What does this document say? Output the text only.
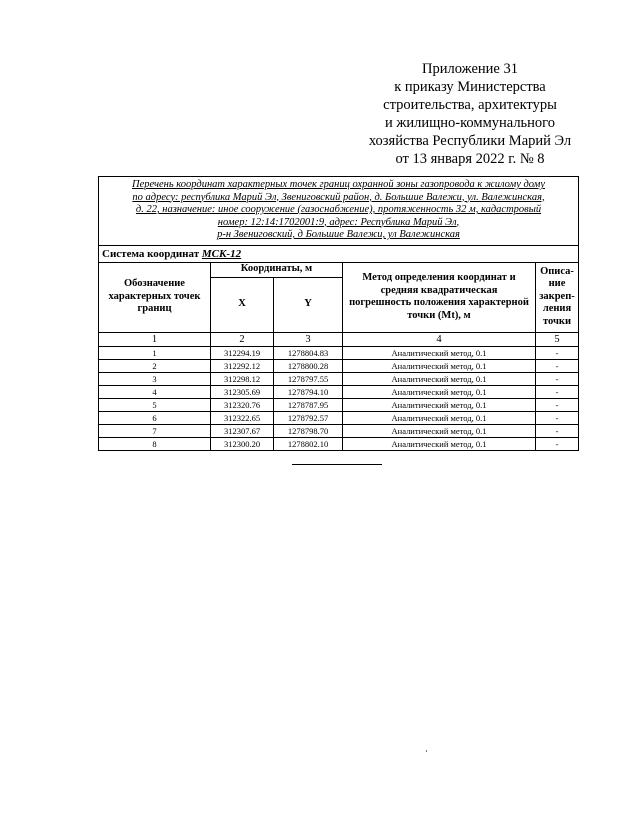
Приложение 31
к приказу Министерства
строительства, архитектуры
и жилищно-коммунального
хозяйства Республики Марий Эл
от 13 января 2022 г. № 8
Перечень координат характерных точек границ охранной зоны газопровода к жилому дому
по адресу: республика Марий Эл, Звениговский район, д. Большие Валежи, ул. Валежинская,
д. 22, назначение: иное сооружение (газоснабжение), протяженность 32 м, кадастровый
номер: 12:14:1702001:9, адрес: Республика Марий Эл,
р-н Звениговский, д Большие Валежи, ул Валежинская				
Система координат МСК-12				
Обозначение характерных точек границ	Координаты, м		Метод определения координат и средняя квадратическая погрешность положения характерной точки (Mt), м	Описа-ние закреп-ления точки
	X	Y		
1	2	3	4	5
1	312294.19	1278804.83	Аналитический метод, 0.1	-
2	312292.12	1278800.28	Аналитический метод, 0.1	-
3	312298.12	1278797.55	Аналитический метод, 0.1	-
4	312305.69	1278794.10	Аналитический метод, 0.1	-
5	312320.76	1278787.95	Аналитический метод, 0.1	-
6	312322.65	1278792.57	Аналитический метод, 0.1	-
7	312307.67	1278798.70	Аналитический метод, 0.1	-
8	312300.20	1278802.10	Аналитический метод, 0.1	-
